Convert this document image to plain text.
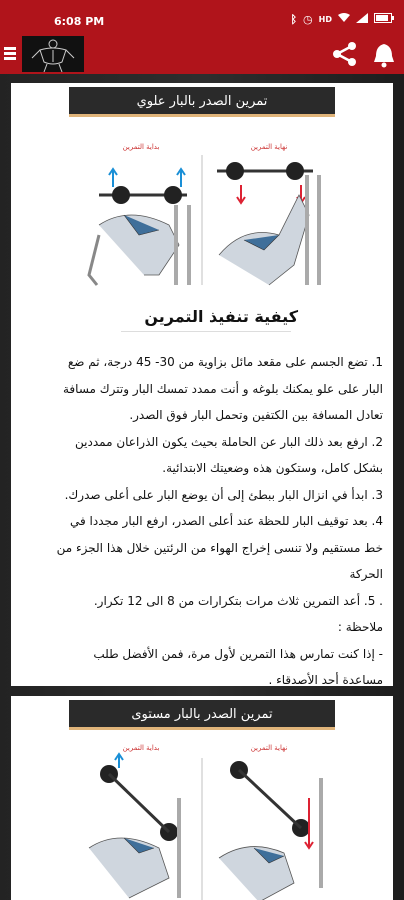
6:08 PM	ᛒ ◷ HD
تمرين الصدر بالبار علوي
بداية التمرين	نهاية التمرين
كيفية تنفيذ التمرين

1. تضع الجسم على مقعد مائل بزاوية من 30- 45 درجة، ثم ضع

البار على علو يمكنك بلوغه و أنت ممدد تمسك البار وتترك مسافة

تعادل المسافة بين الكتفين وتحمل البار فوق الصدر.

2. ارفع بعد ذلك البار عن الحاملة بحيث يكون الذراعان ممددين

بشكل كامل، وستكون هذه وضعيتك الابتدائية.

3. ابدأ في انزال البار ببطئ إلى أن يوضع البار على أعلى صدرك.

4. بعد توقيف البار للحظة عند أعلى الصدر، ارفع البار مجددا في

خط مستقيم ولا تنسى إخراج الهواء من الرئتين خلال هذا الجزء من

الحركة

. 5. أعد التمرين ثلاث مرات بتكرارات من 8 الى 12 تكرار.

ملاحظة :

- إذا كنت تمارس هذا التمرين لأول مرة، فمن الأفضل طلب

مساعدة أحد الأصدقاء .

تمرين الصدر بالبار مستوى
بداية التمرين	نهاية التمرين
